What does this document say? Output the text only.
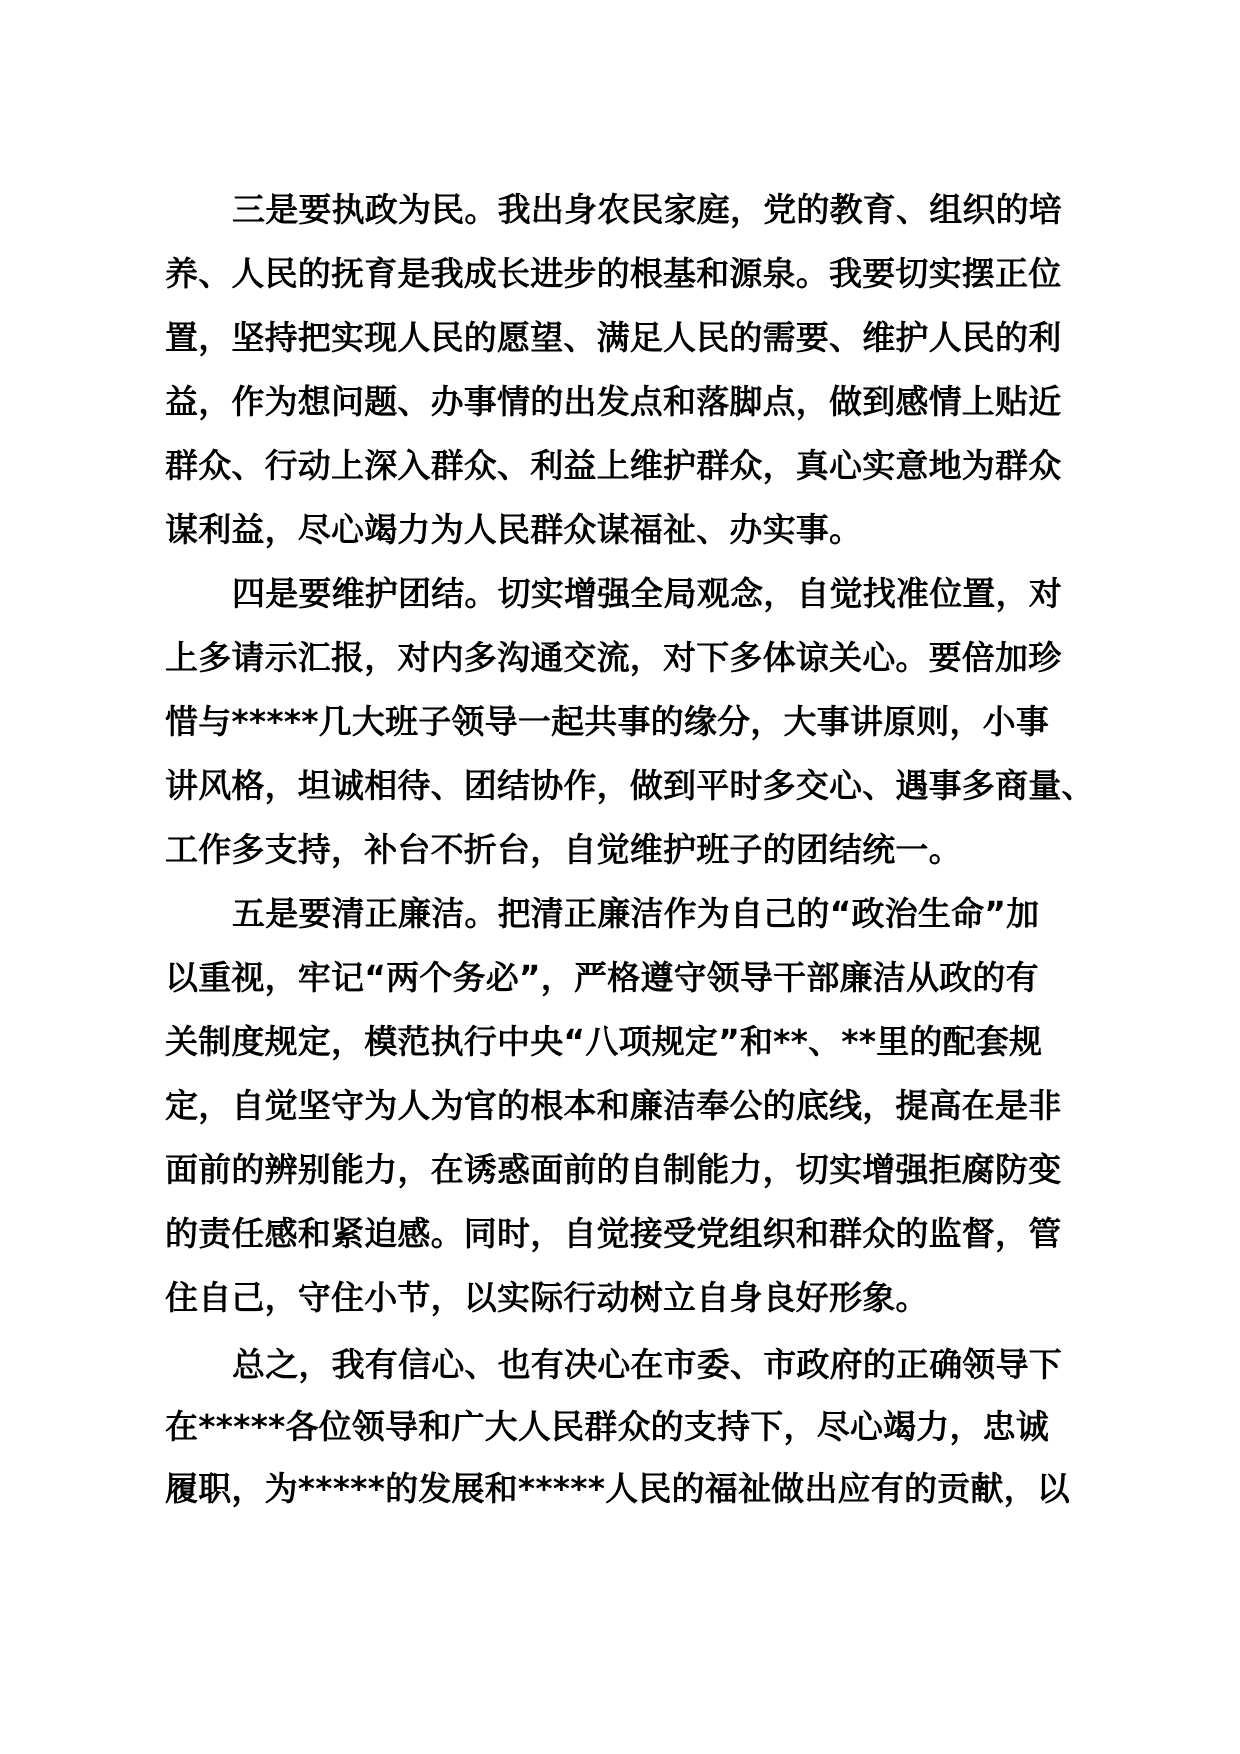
三是要执政为民。我出身农民家庭，党的教育、组织的培
养、人民的抚育是我成长进步的根基和源泉。我要切实摆正位
置，坚持把实现人民的愿望、满足人民的需要、维护人民的利
益，作为想问题、办事情的出发点和落脚点，做到感情上贴近
群众、行动上深入群众、利益上维护群众，真心实意地为群众
谋利益，尽心竭力为人民群众谋福祉、办实事。
四是要维护团结。切实增强全局观念，自觉找准位置，对
上多请示汇报，对内多沟通交流，对下多体谅关心。要倍加珍
惜与*****几大班子领导一起共事的缘分，大事讲原则，小事
讲风格，坦诚相待、团结协作，做到平时多交心、遇事多商量、
工作多支持，补台不折台，自觉维护班子的团结统一。
五是要清正廉洁。把清正廉洁作为自己的“政治生命”加
以重视，牢记“两个务必”，严格遵守领导干部廉洁从政的有
关制度规定，模范执行中央“八项规定”和**、**里的配套规
定，自觉坚守为人为官的根本和廉洁奉公的底线，提高在是非
面前的辨别能力，在诱惑面前的自制能力，切实增强拒腐防变
的责任感和紧迫感。同时，自觉接受党组织和群众的监督，管
住自己，守住小节，以实际行动树立自身良好形象。
总之，我有信心、也有决心在市委、市政府的正确领导下
在*****各位领导和广大人民群众的支持下，尽心竭力，忠诚
履职，为*****的发展和*****人民的福祉做出应有的贡献，以
